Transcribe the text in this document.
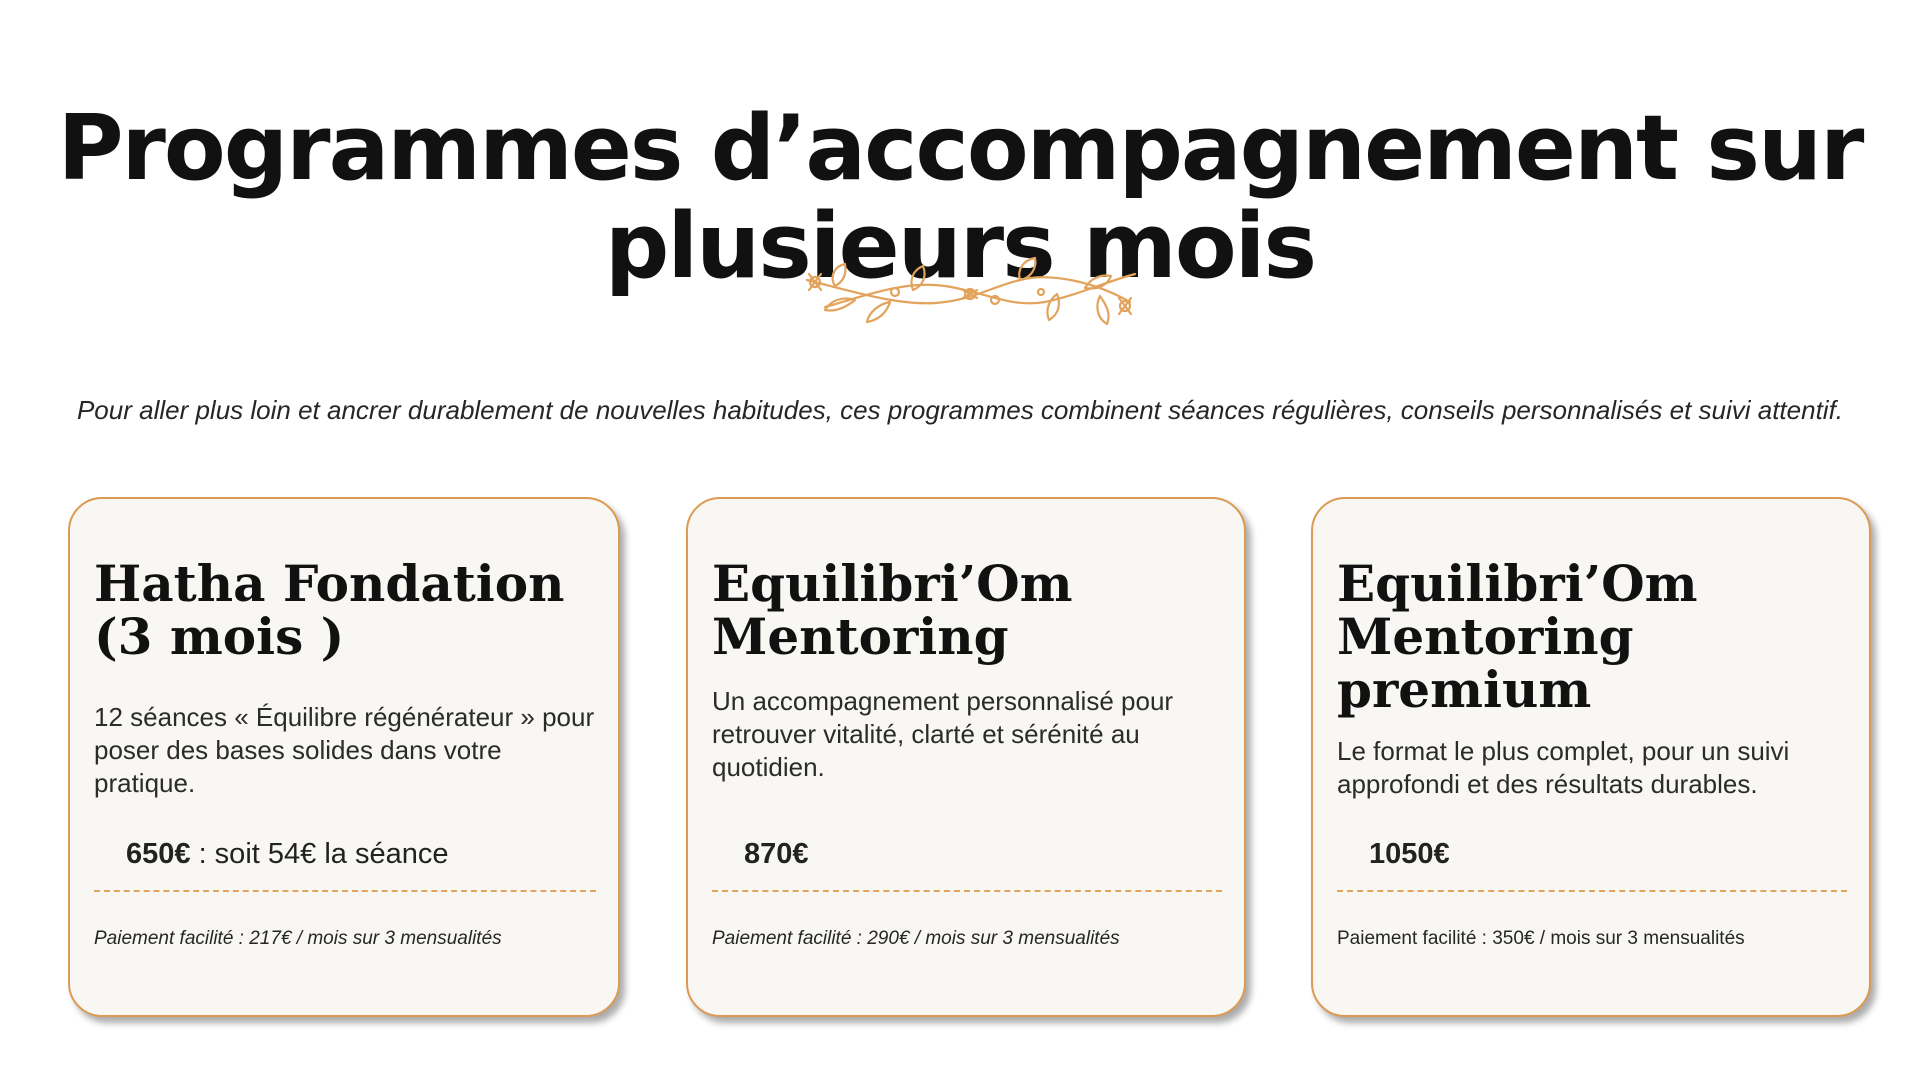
Programmes d’accompagnement sur
plusieurs mois

Pour aller plus loin et ancrer durablement de nouvelles habitudes, ces programmes combinent séances régulières, conseils personnalisés et suivi attentif.

Hatha Fondation
(3 mois )

12 séances « Équilibre régénérateur » pour
poser des bases solides dans votre
pratique.

650€ : soit 54€ la séance
Paiement facilité : 217€ / mois sur 3 mensualités
Equilibri’Om
Mentoring

Un accompagnement personnalisé pour
retrouver vitalité, clarté et sérénité au
quotidien.

870€
Paiement facilité : 290€ / mois sur 3 mensualités
Equilibri’Om
Mentoring
premium

Le format le plus complet, pour un suivi
approfondi et des résultats durables.

1050€
Paiement facilité : 350€ / mois sur 3 mensualités
